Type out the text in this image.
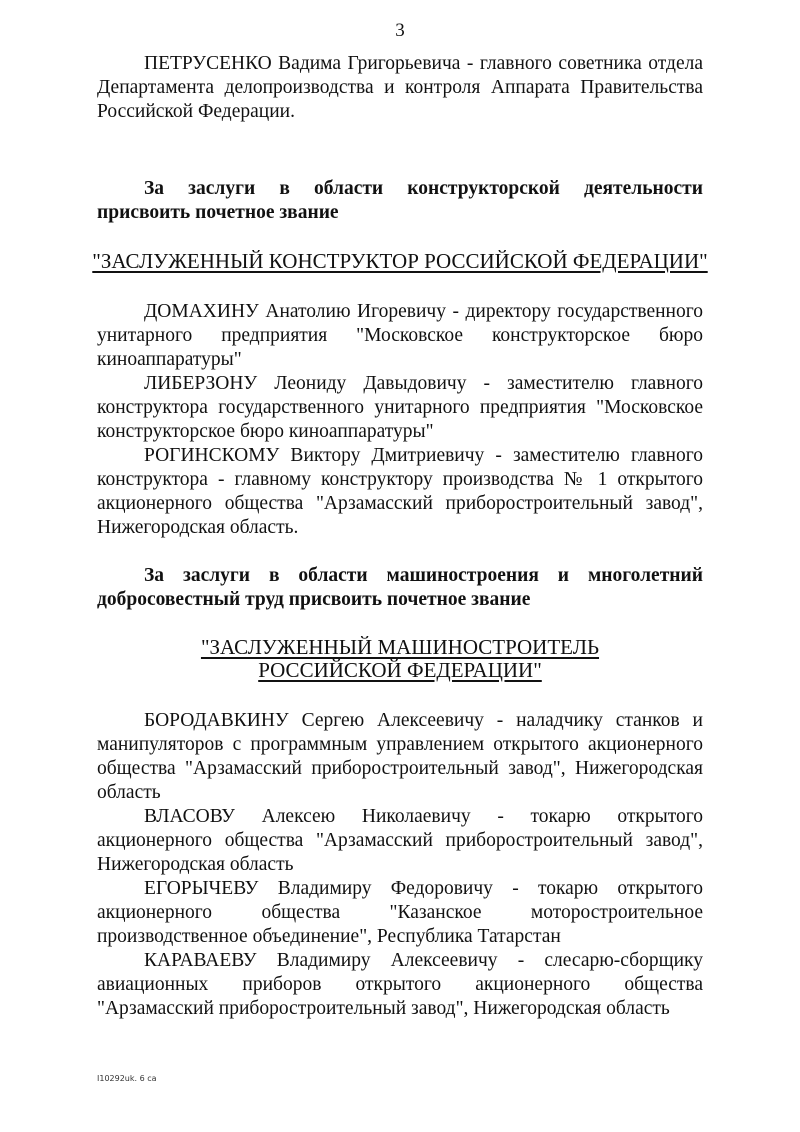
3
ПЕТРУСЕНКО Вадима Григорьевича - главного советника отдела Департамента делопроизводства и контроля Аппарата Правительства Российской Федерации.
За заслуги в области конструкторской деятельности присвоить почетное звание
"ЗАСЛУЖЕННЫЙ КОНСТРУКТОР РОССИЙСКОЙ ФЕДЕРАЦИИ"

ДОМАХИНУ Анатолию Игоревичу - директору государственного унитарного предприятия "Московское конструкторское бюро киноаппаратуры"

ЛИБЕРЗОНУ Леониду Давыдовичу - заместителю главного конструктора государственного унитарного предприятия "Московское конструкторское бюро киноаппаратуры"

РОГИНСКОМУ Виктору Дмитриевичу - заместителю главного конструктора - главному конструктору производства № 1 открытого акционерного общества "Арзамасский приборостроительный завод", Нижегородская область.

За заслуги в области машиностроения и многолетний добросовестный труд присвоить почетное звание
"ЗАСЛУЖЕННЫЙ МАШИНОСТРОИТЕЛЬ
РОССИЙСКОЙ ФЕДЕРАЦИИ"

БОРОДАВКИНУ Сергею Алексеевичу - наладчику станков и манипуляторов с программным управлением открытого акционерного общества "Арзамасский приборостроительный завод", Нижегородская область

ВЛАСОВУ Алексею Николаевичу - токарю открытого акционерного общества "Арзамасский приборостроительный завод", Нижегородская область

ЕГОРЫЧЕВУ Владимиру Федоровичу - токарю открытого акционерного общества "Казанское моторостроительное производственное объединение", Республика Татарстан

КАРАВАЕВУ Владимиру Алексеевичу - слесарю-сборщику авиационных приборов открытого акционерного общества "Арзамасский приборостроительный завод", Нижегородская область

I10292uk. 6 са
